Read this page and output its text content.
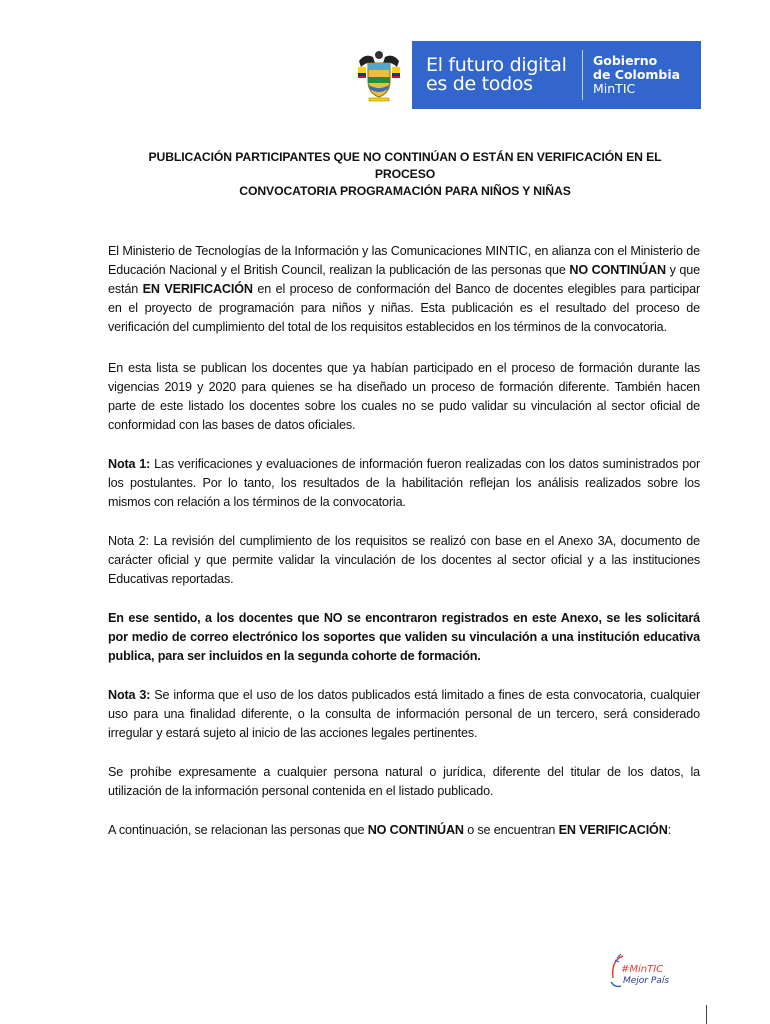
El futuro digital
es de todos
Gobierno
de Colombia
MinTIC
PUBLICACIÓN PARTICIPANTES QUE NO CONTINÚAN O ESTÁN EN VERIFICACIÓN EN EL
PROCESO
CONVOCATORIA PROGRAMACIÓN PARA NIÑOS Y NIÑAS

El Ministerio de Tecnologías de la Información y las Comunicaciones MINTIC, en alianza con el Ministerio de Educación Nacional y el British Council, realizan la publicación de las personas que NO CONTINÚAN y que están EN VERIFICACIÓN en el proceso de conformación del Banco de docentes elegibles para participar en el proyecto de programación para niños y niñas. Esta publicación es el resultado del proceso de verificación del cumplimiento del total de los requisitos establecidos en los términos de la convocatoria.

En esta lista se publican los docentes que ya habían participado en el proceso de formación durante las vigencias 2019 y 2020 para quienes se ha diseñado un proceso de formación diferente. También hacen parte de este listado los docentes sobre los cuales no se pudo validar su vinculación al sector oficial de conformidad con las bases de datos oficiales.

Nota 1: Las verificaciones y evaluaciones de información fueron realizadas con los datos suministrados por los postulantes. Por lo tanto, los resultados de la habilitación reflejan los análisis realizados sobre los mismos con relación a los términos de la convocatoria.

Nota 2: La revisión del cumplimiento de los requisitos se realizó con base en el Anexo 3A, documento de carácter oficial y que permite validar la vinculación de los docentes al sector oficial y a las instituciones Educativas reportadas.

En ese sentido, a los docentes que NO se encontraron registrados en este Anexo, se les solicitará por medio de correo electrónico los soportes que validen su vinculación a una institución educativa publica, para ser incluidos en la segunda cohorte de formación.

Nota 3: Se informa que el uso de los datos publicados está limitado a fines de esta convocatoria, cualquier uso para una finalidad diferente, o la consulta de información personal de un tercero, será considerado irregular y estará sujeto al inicio de las acciones legales pertinentes.

Se prohíbe expresamente a cualquier persona natural o jurídica, diferente del titular de los datos, la utilización de la información personal contenida en el listado publicado.

A continuación, se relacionan las personas que NO CONTINÚAN o se encuentran EN VERIFICACIÓN:

#MinTIC
Mejor País
